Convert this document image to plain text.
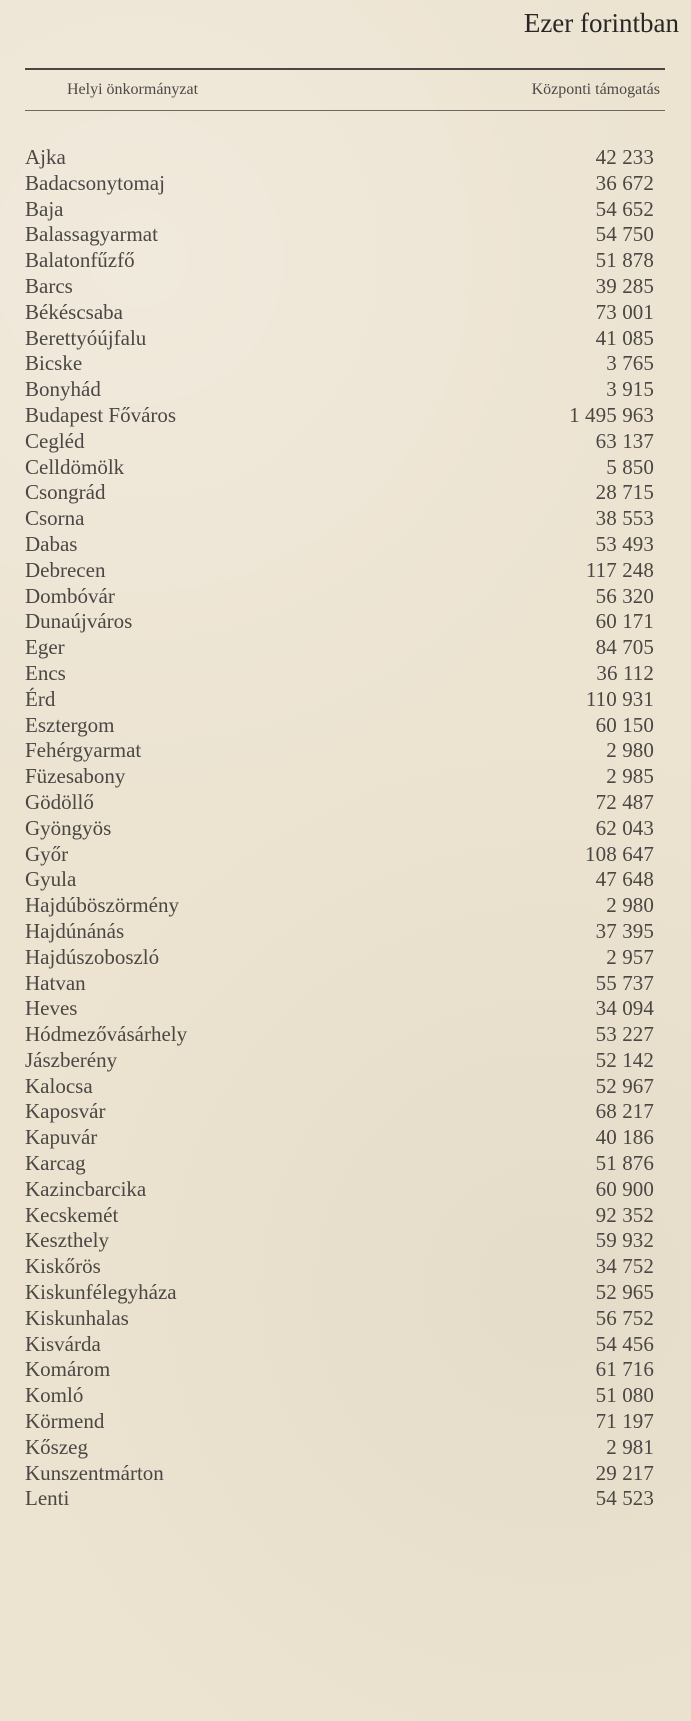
Ezer forintban
Helyi önkormányzat	Központi támogatás
Ajka	42 233
Badacsonytomaj	36 672
Baja	54 652
Balassagyarmat	54 750
Balatonfűzfő	51 878
Barcs	39 285
Békéscsaba	73 001
Berettyóújfalu	41 085
Bicske	3 765
Bonyhád	3 915
Budapest Főváros	1 495 963
Cegléd	63 137
Celldömölk	5 850
Csongrád	28 715
Csorna	38 553
Dabas	53 493
Debrecen	117 248
Dombóvár	56 320
Dunaújváros	60 171
Eger	84 705
Encs	36 112
Érd	110 931
Esztergom	60 150
Fehérgyarmat	2 980
Füzesabony	2 985
Gödöllő	72 487
Gyöngyös	62 043
Győr	108 647
Gyula	47 648
Hajdúböszörmény	2 980
Hajdúnánás	37 395
Hajdúszoboszló	2 957
Hatvan	55 737
Heves	34 094
Hódmezővásárhely	53 227
Jászberény	52 142
Kalocsa	52 967
Kaposvár	68 217
Kapuvár	40 186
Karcag	51 876
Kazincbarcika	60 900
Kecskemét	92 352
Keszthely	59 932
Kiskőrös	34 752
Kiskunfélegyháza	52 965
Kiskunhalas	56 752
Kisvárda	54 456
Komárom	61 716
Komló	51 080
Körmend	71 197
Kőszeg	2 981
Kunszentmárton	29 217
Lenti	54 523
